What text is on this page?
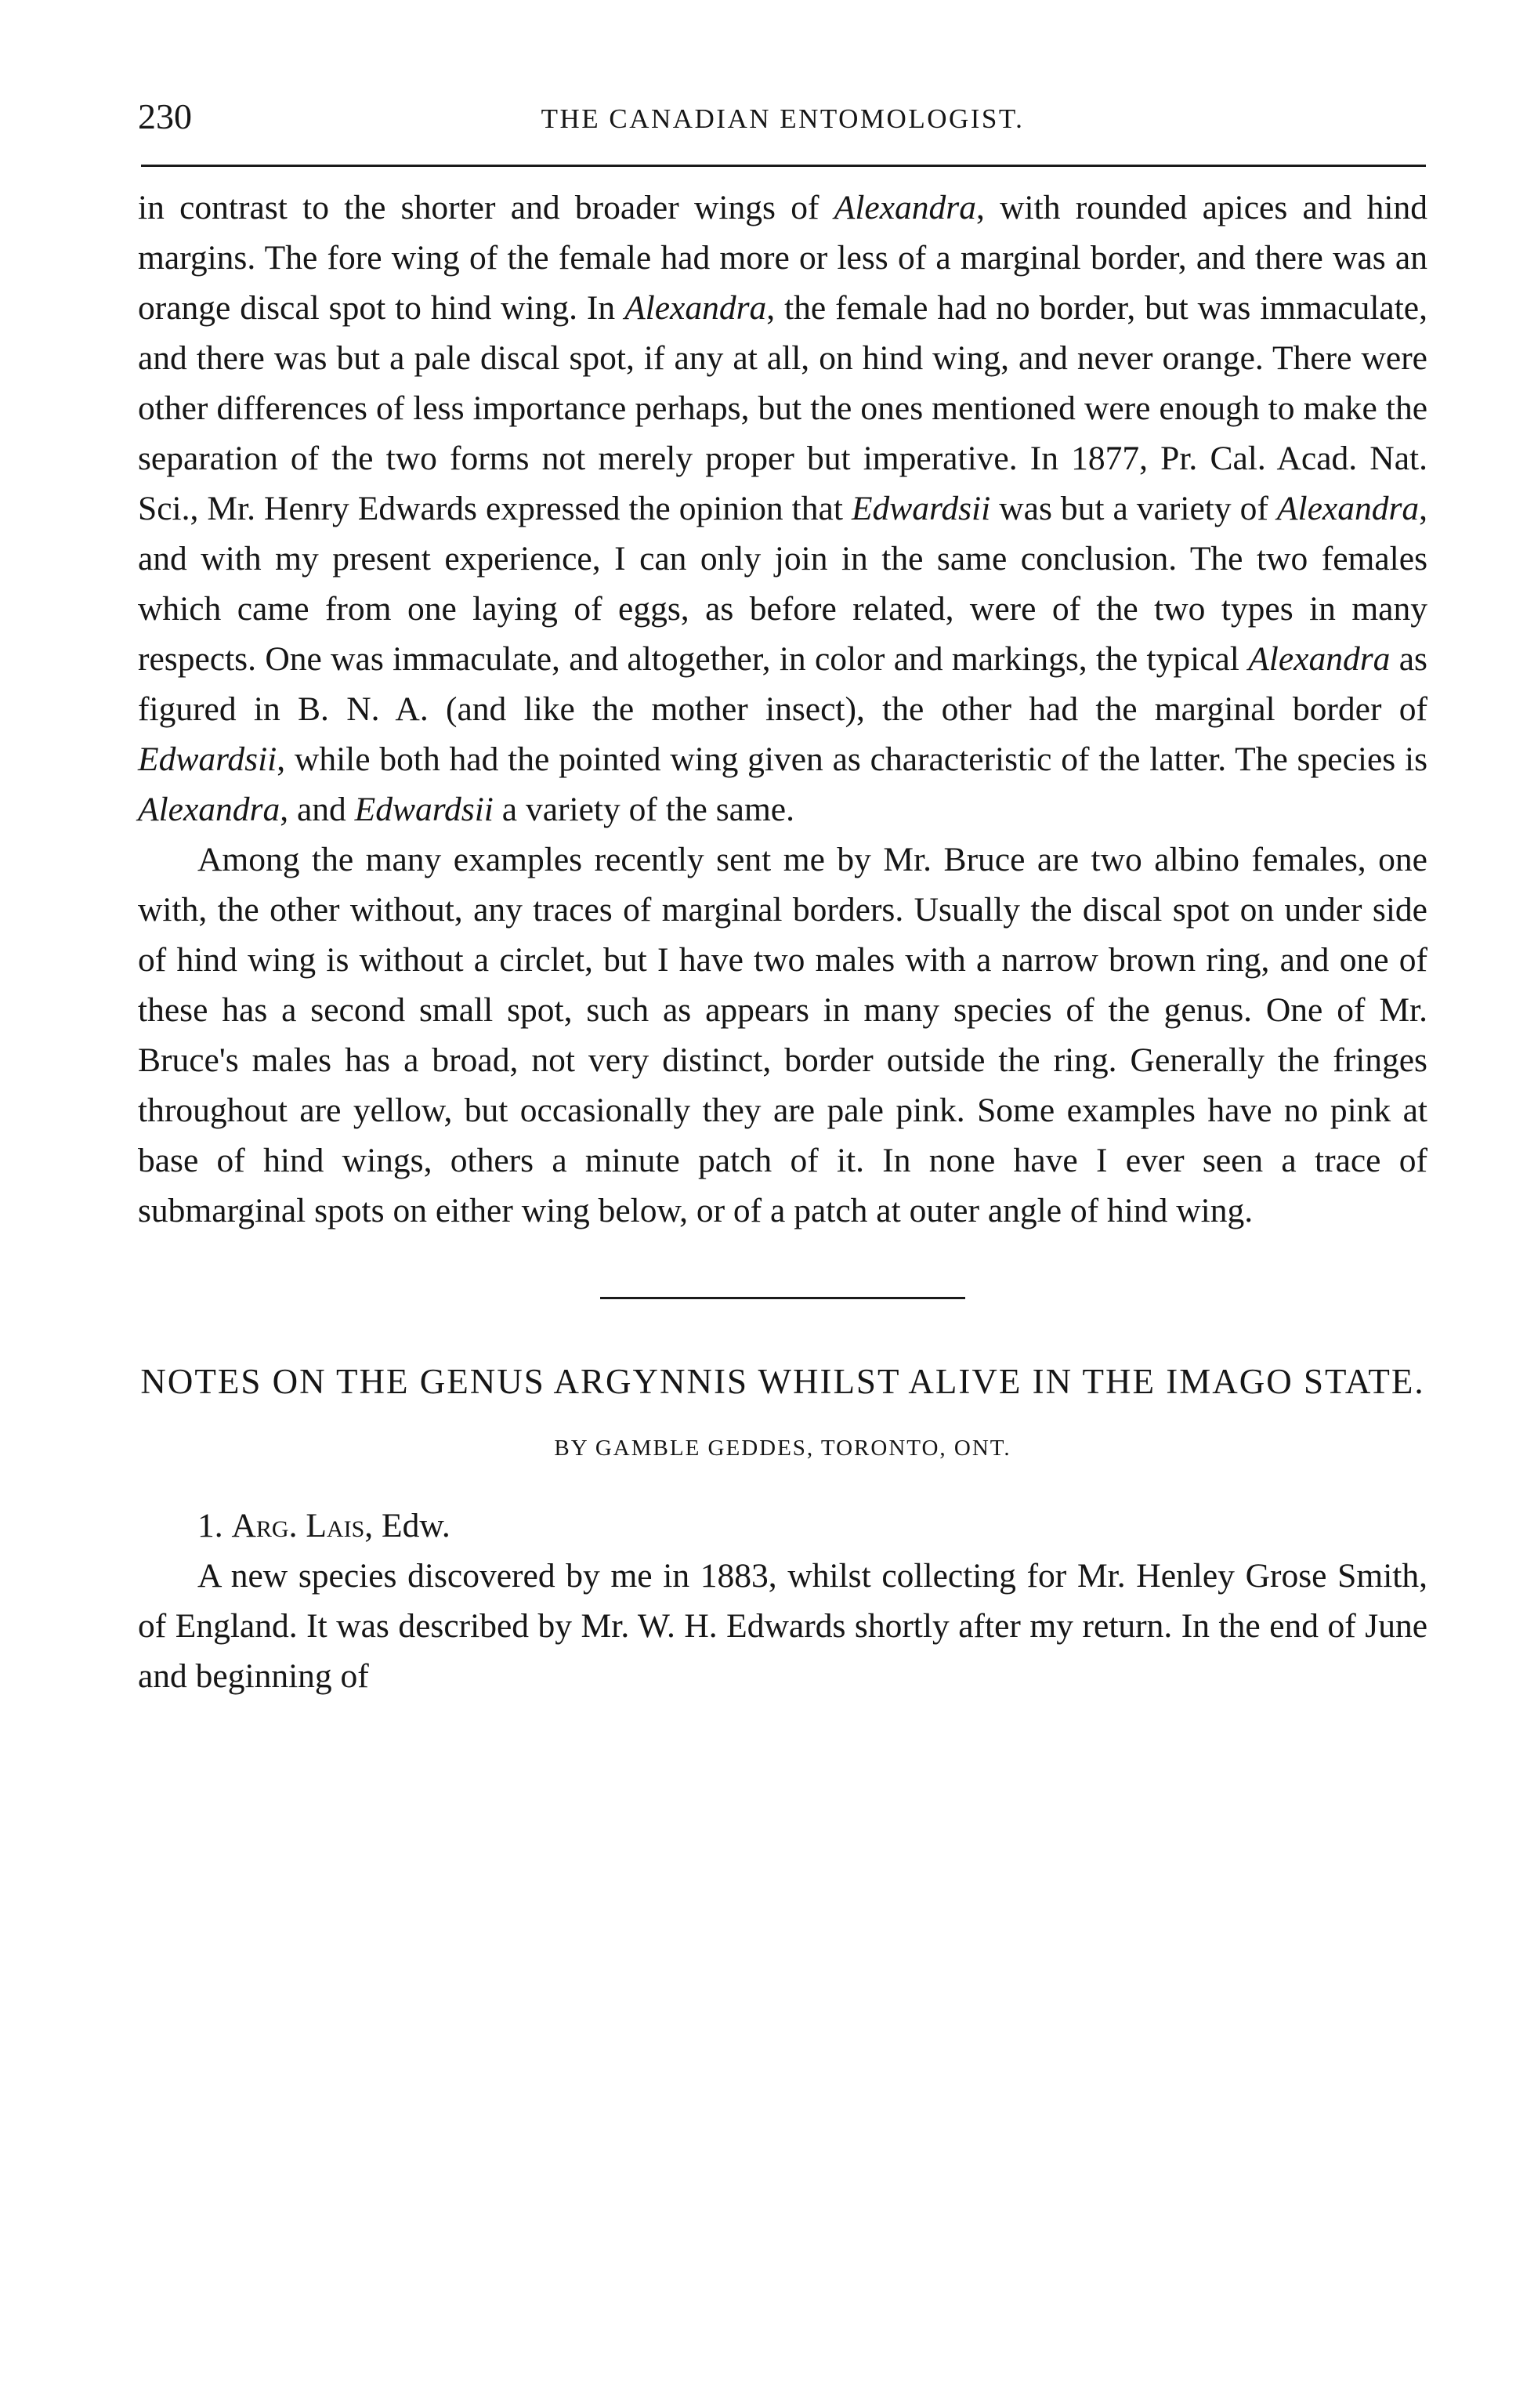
230	THE CANADIAN ENTOMOLOGIST.

in contrast to the shorter and broader wings of Alexandra, with rounded apices and hind margins. The fore wing of the female had more or less of a marginal border, and there was an orange discal spot to hind wing. In Alexandra, the female had no border, but was immaculate, and there was but a pale discal spot, if any at all, on hind wing, and never orange. There were other differences of less importance perhaps, but the ones mentioned were enough to make the separation of the two forms not merely proper but imperative. In 1877, Pr. Cal. Acad. Nat. Sci., Mr. Henry Edwards expressed the opinion that Edwardsii was but a variety of Alexandra, and with my present experience, I can only join in the same conclusion. The two females which came from one laying of eggs, as before related, were of the two types in many respects. One was immaculate, and altogether, in color and markings, the typical Alexandra as figured in B. N. A. (and like the mother insect), the other had the marginal border of Edwardsii, while both had the pointed wing given as characteristic of the latter. The species is Alexandra, and Edwardsii a variety of the same.

Among the many examples recently sent me by Mr. Bruce are two albino females, one with, the other without, any traces of marginal borders. Usually the discal spot on under side of hind wing is without a circlet, but I have two males with a narrow brown ring, and one of these has a second small spot, such as appears in many species of the genus. One of Mr. Bruce's males has a broad, not very distinct, border outside the ring. Generally the fringes throughout are yellow, but occasionally they are pale pink. Some examples have no pink at base of hind wings, others a minute patch of it. In none have I ever seen a trace of submarginal spots on either wing below, or of a patch at outer angle of hind wing.

NOTES ON THE GENUS ARGYNNIS WHILST ALIVE IN THE IMAGO STATE.
BY GAMBLE GEDDES, TORONTO, ONT.
1. Arg. Lais, Edw.

A new species discovered by me in 1883, whilst collecting for Mr. Henley Grose Smith, of England. It was described by Mr. W. H. Edwards shortly after my return. In the end of June and beginning of
